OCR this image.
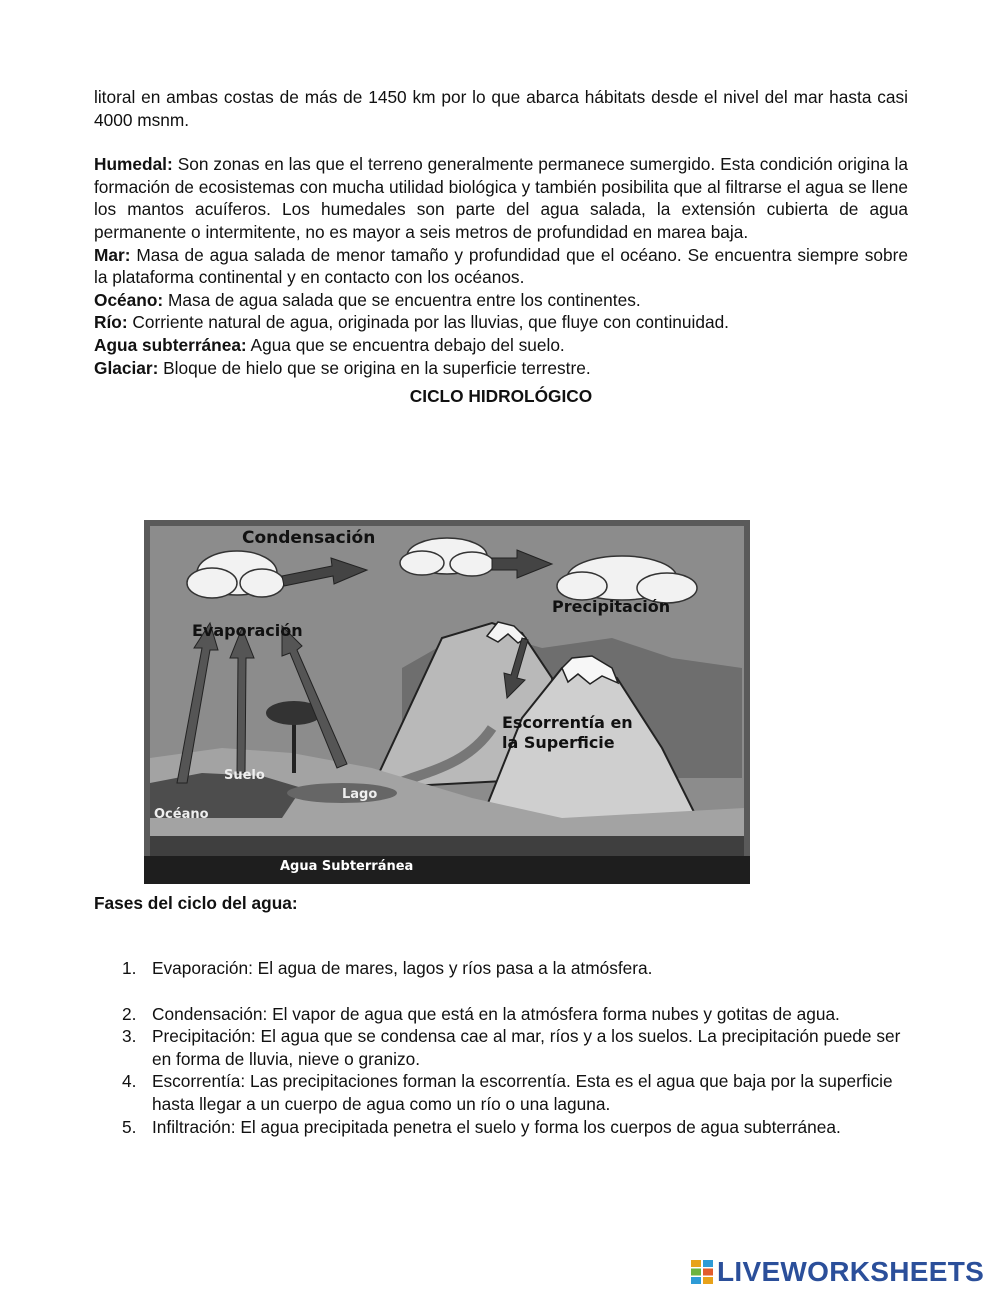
litoral en ambas costas de más de 1450 km por lo que abarca hábitats desde el nivel del mar hasta casi 4000 msnm.

Humedal: Son zonas en las que el terreno generalmente permanece sumergido. Esta condición origina la formación de ecosistemas con mucha utilidad biológica y también posibilita que al filtrarse el agua se llene los mantos acuíferos. Los humedales son parte del agua salada, la extensión cubierta de agua permanente o intermitente, no es mayor a seis metros de profundidad en marea baja.

Mar: Masa de agua salada de menor tamaño y profundidad que el océano. Se encuentra siempre sobre la plataforma continental y en contacto con los océanos.

Océano: Masa de agua salada que se encuentra entre los continentes.

Río: Corriente natural de agua, originada por las lluvias, que fluye con continuidad.

Agua subterránea: Agua que se encuentra debajo del suelo.

Glaciar: Bloque de hielo que se origina en la superficie terrestre.

CICLO HIDROLÓGICO

Condensación
Evaporación
Precipitación
Escorrentía en
la Superficie
Suelo
Lago
Océano
Agua Subterránea
Fases del ciclo del agua:
1. Evaporación: El agua de mares, lagos y ríos pasa a la atmósfera.
2. Condensación: El vapor de agua que está en la atmósfera forma nubes y gotitas de agua.
3. Precipitación: El agua que se condensa cae al mar, ríos y a los suelos. La precipitación puede ser en forma de lluvia, nieve o granizo.
4. Escorrentía: Las precipitaciones forman la escorrentía. Esta es el agua que baja por la superficie hasta llegar a un cuerpo de agua como un río o una laguna.
5. Infiltración: El agua precipitada penetra el suelo y forma los cuerpos de agua subterránea.
LIVEWORKSHEETS
